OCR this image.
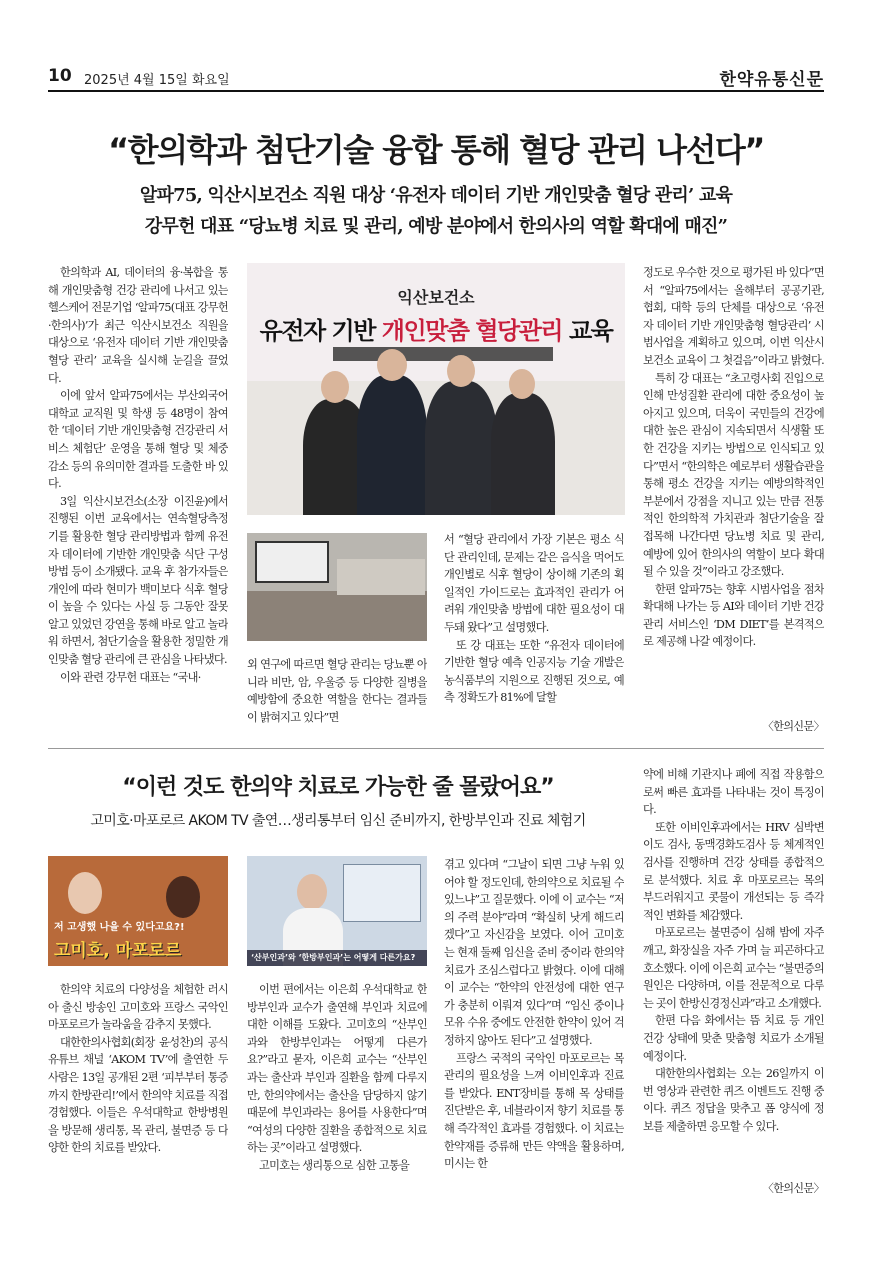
10 2025년 4월 15일 화요일	한약유통신문
“한의학과 첨단기술 융합 통해 혈당 관리 나선다”
알파75, 익산시보건소 직원 대상 ‘유전자 데이터 기반 개인맞춤 혈당 관리’ 교육
강무헌 대표 “당뇨병 치료 및 관리, 예방 분야에서 한의사의 역할 확대에 매진”

한의학과 AI, 데이터의 융·복합을 통해 개인맞춤형 건강 관리에 나서고 있는 헬스케어 전문기업 ‘알파75(대표 강무헌·한의사)’가 최근 익산시보건소 직원을 대상으로 ‘유전자 데이터 기반 개인맞춤 혈당 관리’ 교육을 실시해 눈길을 끌었다.

이에 앞서 알파75에서는 부산외국어대학교 교직원 및 학생 등 48명이 참여한 ‘데이터 기반 개인맞춤형 건강관리 서비스 체험단’ 운영을 통해 혈당 및 체중 감소 등의 유의미한 결과를 도출한 바 있다.

3일 익산시보건소(소장 이진윤)에서 진행된 이번 교육에서는 연속혈당측정기를 활용한 혈당 관리방법과 함께 유전자 데이터에 기반한 개인맞춤 식단 구성 방법 등이 소개됐다. 교육 후 참가자들은 개인에 따라 현미가 백미보다 식후 혈당이 높을 수 있다는 사실 등 그동안 잘못 알고 있었던 강연을 통해 바로 알고 놀라워 하면서, 첨단기술을 활용한 정밀한 개인맞춤 혈당 관리에 큰 관심을 나타냈다.

이와 관련 강무헌 대표는 “국내·

익산보건소
유전자 기반 개인맞춤 혈당관리 교육

외 연구에 따르면 혈당 관리는 당뇨뿐 아니라 비만, 암, 우울증 등 다양한 질병을 예방함에 중요한 역할을 한다는 결과들이 밝혀지고 있다”면

서 “혈당 관리에서 가장 기본은 평소 식단 관리인데, 문제는 같은 음식을 먹어도 개인별로 식후 혈당이 상이해 기존의 획일적인 가이드로는 효과적인 관리가 어려워 개인맞춤 방법에 대한 필요성이 대두돼 왔다”고 설명했다.

또 강 대표는 또한 “유전자 데이터에 기반한 혈당 예측 인공지능 기술 개발은 농식품부의 지원으로 진행된 것으로, 예측 정확도가 81%에 달할

정도로 우수한 것으로 평가된 바 있다”면서 “알파75에서는 올해부터 공공기관, 협회, 대학 등의 단체를 대상으로 ‘유전자 데이터 기반 개인맞춤형 혈당관리’ 시범사업을 계획하고 있으며, 이번 익산시보건소 교육이 그 첫걸음”이라고 밝혔다.

특히 강 대표는 “초고령사회 진입으로 인해 만성질환 관리에 대한 중요성이 높아지고 있으며, 더욱이 국민들의 건강에 대한 높은 관심이 지속되면서 식생활 또한 건강을 지키는 방법으로 인식되고 있다”면서 “한의학은 예로부터 생활습관을 통해 평소 건강을 지키는 예방의학적인 부분에서 강점을 지니고 있는 만큼 전통적인 한의학적 가치관과 첨단기술을 잘 접목해 나간다면 당뇨병 치료 및 관리, 예방에 있어 한의사의 역할이 보다 확대될 수 있을 것”이라고 강조했다.

한편 알파75는 향후 시범사업을 점차 확대해 나가는 등 AI와 데이터 기반 건강관리 서비스인 ‘DM DIET’를 본격적으로 제공해 나갈 예정이다.

〈한의신문〉
“이런 것도 한의약 치료로 가능한 줄 몰랐어요”
고미호·마포로르 AKOM TV 출연…생리통부터 임신 준비까지, 한방부인과 진료 체험기
저 고생했 나을 수 있다고요?!
고미호, 마포로르	‘산부인과’와 ‘한방부인과’는 어떻게 다른가요?

한의약 치료의 다양성을 체험한 러시아 출신 방송인 고미호와 프랑스 국악인 마포로르가 놀라움을 감추지 못했다.

대한한의사협회(회장 윤성찬)의 공식 유튜브 채널 ‘AKOM TV’에 출연한 두 사람은 13일 공개된 2편 ‘피부부터 통증까지 한방관리!’에서 한의약 치료를 직접 경험했다. 이들은 우석대학교 한방병원을 방문해 생리통, 목 관리, 불면증 등 다양한 한의 치료를 받았다.

이번 편에서는 이은희 우석대학교 한방부인과 교수가 출연해 부인과 치료에 대한 이해를 도왔다. 고미호의 “산부인과와 한방부인과는 어떻게 다른가요?”라고 묻자, 이은희 교수는 “산부인과는 출산과 부인과 질환을 함께 다루지만, 한의약에서는 출산을 담당하지 않기 때문에 부인과라는 용어를 사용한다”며 “여성의 다양한 질환을 종합적으로 치료하는 곳”이라고 설명했다.

고미호는 생리통으로 심한 고통을

겪고 있다며 “그날이 되면 그냥 누워 있어야 할 정도인데, 한의약으로 치료될 수 있느냐”고 질문했다. 이에 이 교수는 “저의 주력 분야”라며 “확실히 낫게 해드리겠다”고 자신감을 보였다. 이어 고미호는 현재 둘째 임신을 준비 중이라 한의약 치료가 조심스럽다고 밝혔다. 이에 대해 이 교수는 “한약의 안전성에 대한 연구가 충분히 이뤄져 있다”며 “임신 중이나 모유 수유 중에도 안전한 한약이 있어 걱정하지 않아도 된다”고 설명했다.

프랑스 국적의 국악인 마포로르는 목 관리의 필요성을 느껴 이비인후과 진료를 받았다. ENT장비를 통해 목 상태를 진단받은 후, 네블라이저 향기 치료를 통해 즉각적인 효과를 경험했다. 이 치료는 한약재를 증류해 만든 약액을 활용하며, 미시는 한

약에 비해 기관지나 폐에 직접 작용함으로써 빠른 효과를 나타내는 것이 특징이다.

또한 이비인후과에서는 HRV 심박변이도 검사, 동맥경화도검사 등 체계적인 검사를 진행하며 건강 상태를 종합적으로 분석했다. 치료 후 마포로르는 목의 부드러워지고 콧물이 개선되는 등 즉각적인 변화를 체감했다.

마포로르는 불면증이 심해 밤에 자주 깨고, 화장실을 자주 가며 늘 피곤하다고 호소했다. 이에 이은희 교수는 “불면증의 원인은 다양하며, 이를 전문적으로 다루는 곳이 한방신경정신과”라고 소개했다.

한편 다음 화에서는 뜸 치료 등 개인 건강 상태에 맞춘 맞춤형 치료가 소개될 예정이다.

대한한의사협회는 오는 26일까지 이번 영상과 관련한 퀴즈 이벤트도 진행 중이다. 퀴즈 정답을 맞추고 폼 양식에 정보를 제출하면 응모할 수 있다.

〈한의신문〉
